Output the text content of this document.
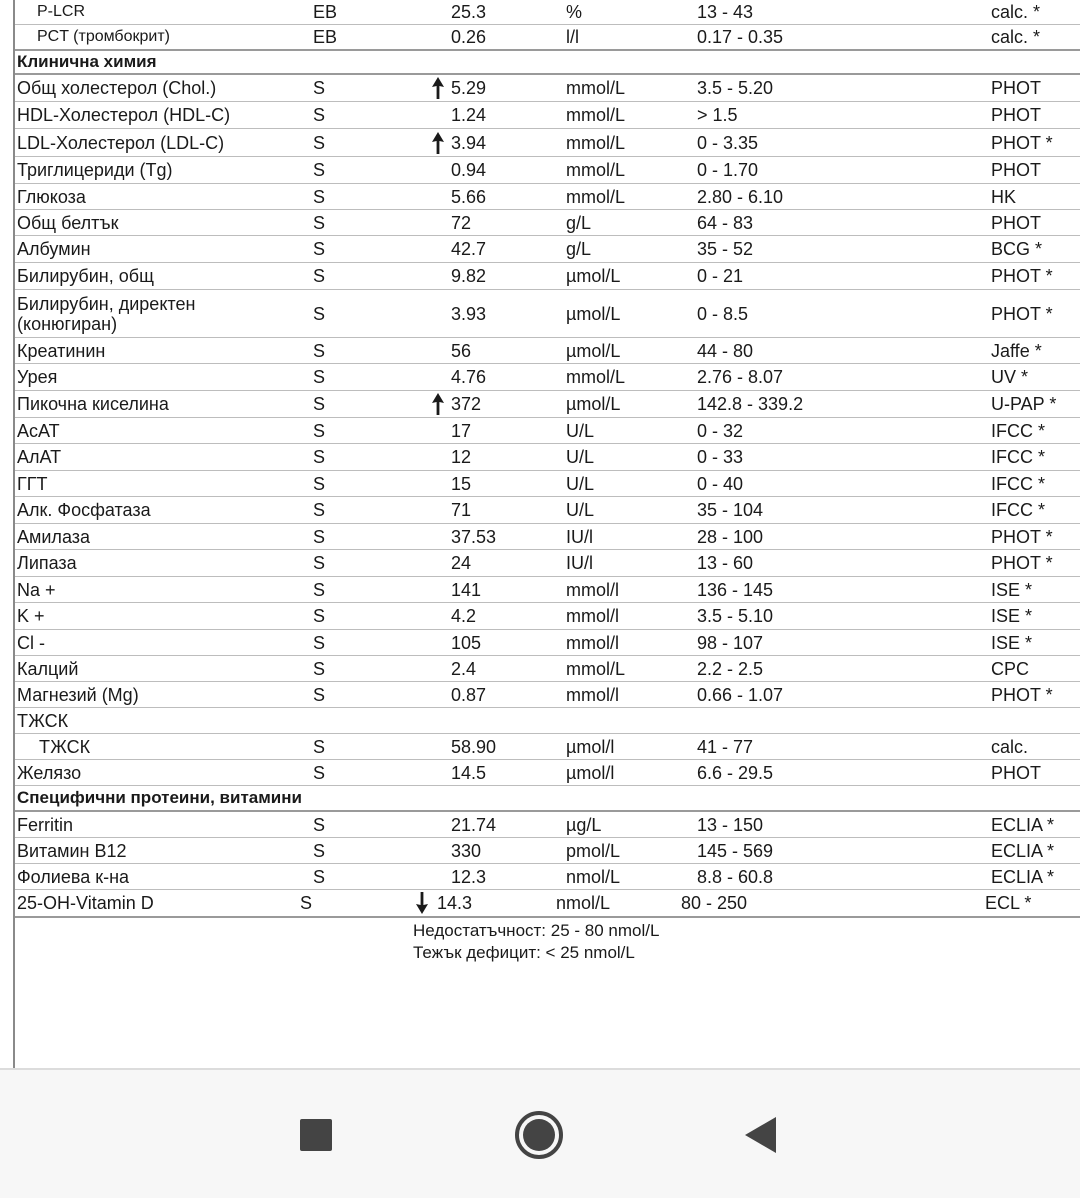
P-LCR	EB	25.3	%	13 - 43	calc. *
PCT (тромбокрит)	EB	0.26	l/l	0.17 - 0.35	calc. *
Клинична химия
Общ холестерол (Chol.)	S	5.29	mmol/L	3.5 - 5.20	PHOT
HDL-Холестерол (HDL-C)	S	1.24	mmol/L	> 1.5	PHOT
LDL-Холестерол (LDL-C)	S	3.94	mmol/L	0 - 3.35	PHOT *
Триглицериди (Tg)	S	0.94	mmol/L	0 - 1.70	PHOT
Глюкоза	S	5.66	mmol/L	2.80 - 6.10	HK
Общ белтък	S	72	g/L	64 - 83	PHOT
Албумин	S	42.7	g/L	35 - 52	BCG *
Билирубин, общ	S	9.82	µmol/L	0 - 21	PHOT *
Билирубин, директен
(конюгиран)	S	3.93	µmol/L	0 - 8.5	PHOT *
Креатинин	S	56	µmol/L	44 - 80	Jaffe *
Урея	S	4.76	mmol/L	2.76 - 8.07	UV *
Пикочна киселина	S	372	µmol/L	142.8 - 339.2	U-PAP *
AcAT	S	17	U/L	0 - 32	IFCC *
AлAT	S	12	U/L	0 - 33	IFCC *
ГГТ	S	15	U/L	0 - 40	IFCC *
Алк. Фосфатаза	S	71	U/L	35 - 104	IFCC *
Амилаза	S	37.53	IU/l	28 - 100	PHOT *
Липаза	S	24	IU/l	13 - 60	PHOT *
Na +	S	141	mmol/l	136 - 145	ISE *
K +	S	4.2	mmol/l	3.5 - 5.10	ISE *
Cl -	S	105	mmol/l	98 - 107	ISE *
Калций	S	2.4	mmol/L	2.2 - 2.5	CPC
Магнезий (Mg)	S	0.87	mmol/l	0.66 - 1.07	PHOT *
ТЖСК
ТЖСК	S	58.90	µmol/l	41 - 77	calc.
Желязо	S	14.5	µmol/l	6.6 - 29.5	PHOT
Специфични протеини, витамини
Ferritin	S	21.74	µg/L	13 - 150	ECLIA *
Витамин B12	S	330	pmol/L	145 - 569	ECLIA *
Фолиева к-на	S	12.3	nmol/L	8.8 - 60.8	ECLIA *
25-OH-Vitamin D	S	14.3	nmol/L	80 - 250	ECL *
Недостатъчност: 25 - 80 nmol/L
Тежък дефицит: < 25 nmol/L
